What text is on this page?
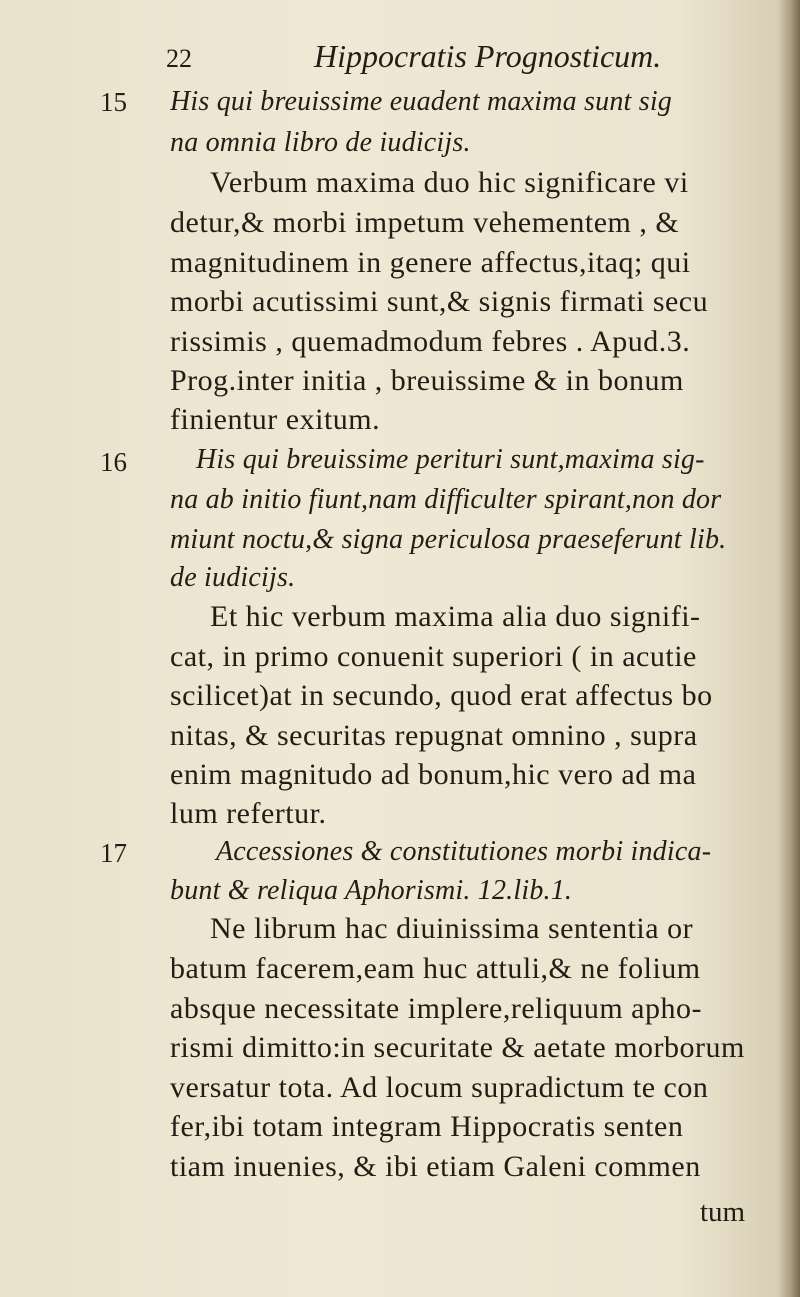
22	Hippocratis Prognosticum.
15 His qui breuissime euadent maxima sunt sig
na omnia libro de iudicijs.
Verbum maxima duo hic significare vi
detur,& morbi impetum vehementem , &
magnitudinem in genere affectus,itaq; qui
morbi acutissimi sunt,& signis firmati secu
rissimis , quemadmodum febres . Apud.3.
Prog.inter initia , breuissime & in bonum
finientur exitum.
16	His qui breuissime perituri sunt,maxima sig-
na ab initio fiunt,nam difficulter spirant,non dor
miunt noctu,& signa periculosa praeseferunt lib.
de iudicijs.
Et hic verbum maxima alia duo signifi-
cat, in primo conuenit superiori ( in acutie
scilicet)at in secundo, quod erat affectus bo
nitas, & securitas repugnat omnino , supra
enim magnitudo ad bonum,hic vero ad ma
lum refertur.
17	Accessiones & constitutiones morbi indica-
bunt & reliqua Aphorismi. 12.lib.1.
Ne librum hac diuinissima sententia or
batum facerem,eam huc attuli,& ne folium
absque necessitate implere,reliquum apho-
rismi dimitto:in securitate & aetate morborum
versatur tota. Ad locum supradictum te con
fer,ibi totam integram Hippocratis senten
tiam inuenies, & ibi etiam Galeni commen
tum
